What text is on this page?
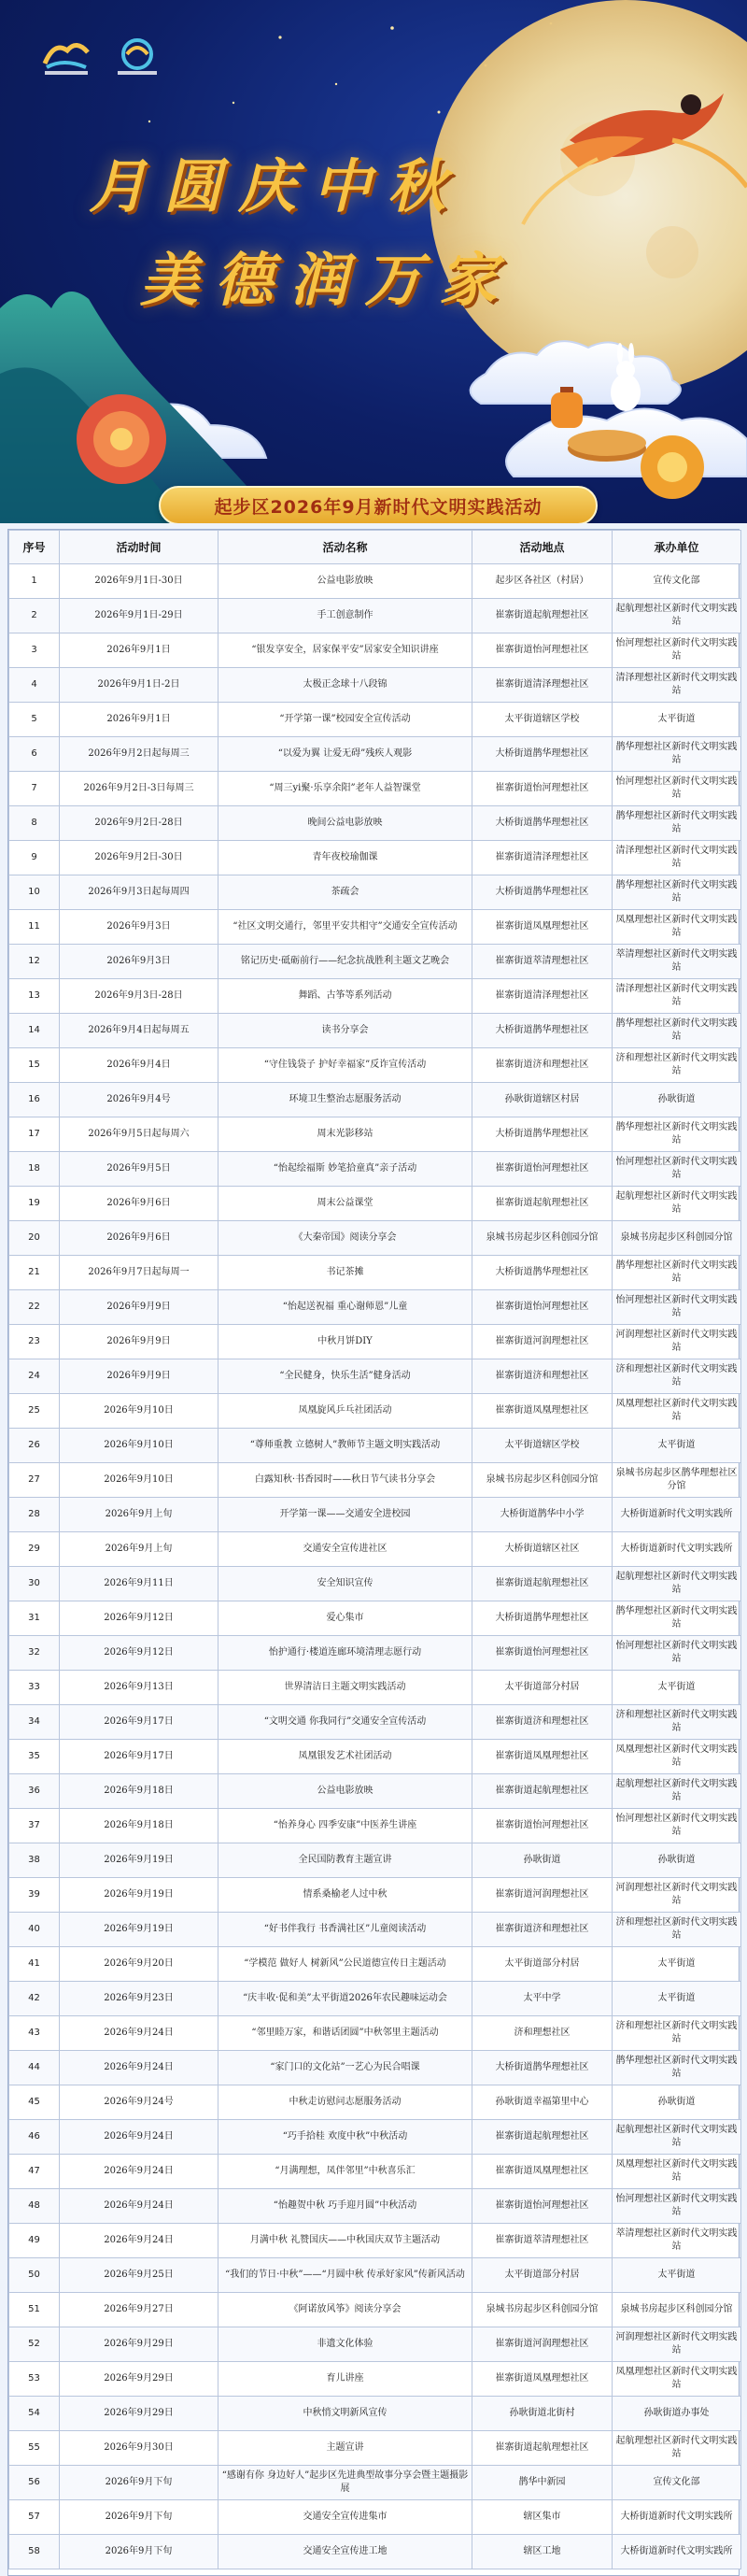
月圆庆中秋
美德润万家
起步区2026年9月新时代文明实践活动
序号	活动时间	活动名称	活动地点	承办单位
1	2026年9月1日-30日	公益电影放映	起步区各社区（村居）	宣传文化部
2	2026年9月1日-29日	手工创意制作	崔寨街道起航理想社区	起航理想社区新时代文明实践站
3	2026年9月1日	“银发享安全，居家保平安”居家安全知识讲座	崔寨街道怡河理想社区	怡河理想社区新时代文明实践站
4	2026年9月1日-2日	太极正念球十八段锦	崔寨街道清泽理想社区	清泽理想社区新时代文明实践站
5	2026年9月1日	“开学第一课”校园安全宣传活动	太平街道辖区学校	太平街道
6	2026年9月2日起每周三	“以爱为翼 让爱无碍”残疾人观影	大桥街道鹊华理想社区	鹊华理想社区新时代文明实践站
7	2026年9月2日-3日每周三	“周三yi聚·乐享余阳”老年人益智课堂	崔寨街道怡河理想社区	怡河理想社区新时代文明实践站
8	2026年9月2日-28日	晚间公益电影放映	大桥街道鹊华理想社区	鹊华理想社区新时代文明实践站
9	2026年9月2日-30日	青年夜校瑜伽课	崔寨街道清泽理想社区	清泽理想社区新时代文明实践站
10	2026年9月3日起每周四	茶疏会	大桥街道鹊华理想社区	鹊华理想社区新时代文明实践站
11	2026年9月3日	“社区文明交通行，邻里平安共相守”交通安全宣传活动	崔寨街道凤凰理想社区	凤凰理想社区新时代文明实践站
12	2026年9月3日	铭记历史·砥砺前行——纪念抗战胜利主题文艺晚会	崔寨街道萃清理想社区	萃清理想社区新时代文明实践站
13	2026年9月3日-28日	舞蹈、古筝等系列活动	崔寨街道清泽理想社区	清泽理想社区新时代文明实践站
14	2026年9月4日起每周五	读书分享会	大桥街道鹊华理想社区	鹊华理想社区新时代文明实践站
15	2026年9月4日	“守住钱袋子 护好幸福家”反诈宣传活动	崔寨街道济和理想社区	济和理想社区新时代文明实践站
16	2026年9月4号	环境卫生整治志愿服务活动	孙耿街道辖区村居	孙耿街道
17	2026年9月5日起每周六	周末光影移站	大桥街道鹊华理想社区	鹊华理想社区新时代文明实践站
18	2026年9月5日	“怡起绘福斯 妙笔拾童真”亲子活动	崔寨街道怡河理想社区	怡河理想社区新时代文明实践站
19	2026年9月6日	周末公益课堂	崔寨街道起航理想社区	起航理想社区新时代文明实践站
20	2026年9月6日	《大秦帝国》阅读分享会	泉城书房起步区科创园分馆	泉城书房起步区科创园分馆
21	2026年9月7日起每周一	书记茶摊	大桥街道鹊华理想社区	鹊华理想社区新时代文明实践站
22	2026年9月9日	“怡起送祝福 重心谢师恩”儿童	崔寨街道怡河理想社区	怡河理想社区新时代文明实践站
23	2026年9月9日	中秋月饼DIY	崔寨街道河润理想社区	河润理想社区新时代文明实践站
24	2026年9月9日	“全民健身，快乐生活”健身活动	崔寨街道济和理想社区	济和理想社区新时代文明实践站
25	2026年9月10日	凤凰旋风乒乓社团活动	崔寨街道凤凰理想社区	凤凰理想社区新时代文明实践站
26	2026年9月10日	“尊师重教 立德树人”教师节主题文明实践活动	太平街道辖区学校	太平街道
27	2026年9月10日	白露知秋·书香园时——秋日节气读书分享会	泉城书房起步区科创园分馆	泉城书房起步区鹊华理想社区分馆
28	2026年9月上旬	开学第一课——交通安全进校园	大桥街道鹊华中小学	大桥街道新时代文明实践所
29	2026年9月上旬	交通安全宣传进社区	大桥街道辖区社区	大桥街道新时代文明实践所
30	2026年9月11日	安全知识宣传	崔寨街道起航理想社区	起航理想社区新时代文明实践站
31	2026年9月12日	爱心集市	大桥街道鹊华理想社区	鹊华理想社区新时代文明实践站
32	2026年9月12日	怡护通行·楼道连廊环境清理志愿行动	崔寨街道怡河理想社区	怡河理想社区新时代文明实践站
33	2026年9月13日	世界清洁日主题文明实践活动	太平街道部分村居	太平街道
34	2026年9月17日	“文明交通 你我同行”交通安全宣传活动	崔寨街道济和理想社区	济和理想社区新时代文明实践站
35	2026年9月17日	凤凰银发艺术社团活动	崔寨街道凤凰理想社区	凤凰理想社区新时代文明实践站
36	2026年9月18日	公益电影放映	崔寨街道起航理想社区	起航理想社区新时代文明实践站
37	2026年9月18日	“怡养身心 四季安康”中医养生讲座	崔寨街道怡河理想社区	怡河理想社区新时代文明实践站
38	2026年9月19日	全民国防教育主题宣讲	孙耿街道	孙耿街道
39	2026年9月19日	情系桑榆老人过中秋	崔寨街道河润理想社区	河润理想社区新时代文明实践站
40	2026年9月19日	“好书伴我行 书香满社区”儿童阅读活动	崔寨街道济和理想社区	济和理想社区新时代文明实践站
41	2026年9月20日	“学模范 做好人 树新风”公民道德宣传日主题活动	太平街道部分村居	太平街道
42	2026年9月23日	“庆丰收·促和美”太平街道2026年农民趣味运动会	太平中学	太平街道
43	2026年9月24日	“邻里睦万家，和谐话团圆”中秋邻里主题活动	济和理想社区	济和理想社区新时代文明实践站
44	2026年9月24日	“家门口的文化站”一艺心为民合唱课	大桥街道鹊华理想社区	鹊华理想社区新时代文明实践站
45	2026年9月24号	中秋走访慰问志愿服务活动	孙耿街道幸福第里中心	孙耿街道
46	2026年9月24日	“巧手拾桂 欢度中秋”中秋活动	崔寨街道起航理想社区	起航理想社区新时代文明实践站
47	2026年9月24日	“月满理想，凤伴邻里”中秋喜乐汇	崔寨街道凤凰理想社区	凤凰理想社区新时代文明实践站
48	2026年9月24日	“怡趣贺中秋 巧手迎月圆”中秋活动	崔寨街道怡河理想社区	怡河理想社区新时代文明实践站
49	2026年9月24日	月满中秋 礼赞国庆——中秋国庆双节主题活动	崔寨街道萃清理想社区	萃清理想社区新时代文明实践站
50	2026年9月25日	“我们的节日·中秋”——“月圆中秋 传承好家风”传新风活动	太平街道部分村居	太平街道
51	2026年9月27日	《阿诺放风筝》阅读分享会	泉城书房起步区科创园分馆	泉城书房起步区科创园分馆
52	2026年9月29日	非遗文化体验	崔寨街道河润理想社区	河润理想社区新时代文明实践站
53	2026年9月29日	育儿讲座	崔寨街道凤凰理想社区	凤凰理想社区新时代文明实践站
54	2026年9月29日	中秋悄文明新风宣传	孙耿街道北街村	孙耿街道办事处
55	2026年9月30日	主题宣讲	崔寨街道起航理想社区	起航理想社区新时代文明实践站
56	2026年9月下旬	“感谢有你 身边好人”起步区先进典型故事分享会暨主题摄影展	鹊华中新园	宣传文化部
57	2026年9月下旬	交通安全宣传进集市	辖区集市	大桥街道新时代文明实践所
58	2026年9月下旬	交通安全宣传进工地	辖区工地	大桥街道新时代文明实践所
